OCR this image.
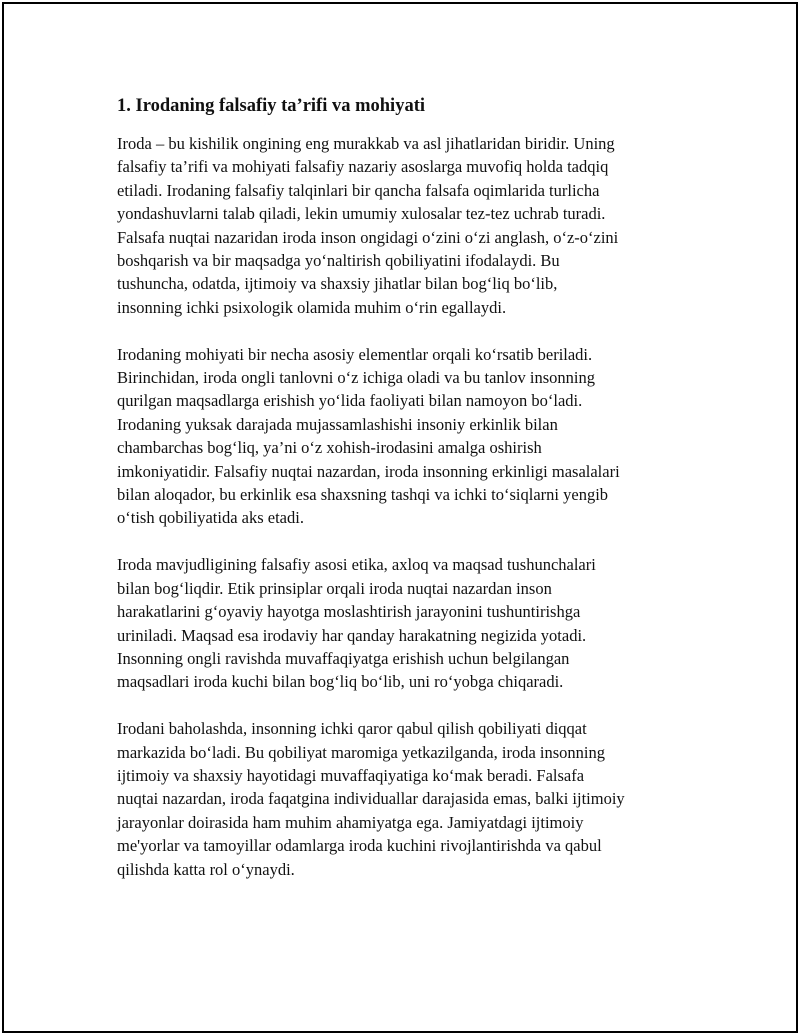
1. Irodaning falsafiy ta’rifi va mohiyati

Iroda – bu kishilik ongining eng murakkab va asl jihatlaridan biridir. Uning
falsafiy ta’rifi va mohiyati falsafiy nazariy asoslarga muvofiq holda tadqiq
etiladi. Irodaning falsafiy talqinlari bir qancha falsafa oqimlarida turlicha
yondashuvlarni talab qiladi, lekin umumiy xulosalar tez-tez uchrab turadi.
Falsafa nuqtai nazaridan iroda inson ongidagi o‘zini o‘zi anglash, o‘z-o‘zini
boshqarish va bir maqsadga yo‘naltirish qobiliyatini ifodalaydi. Bu
tushuncha, odatda, ijtimoiy va shaxsiy jihatlar bilan bog‘liq bo‘lib,
insonning ichki psixologik olamida muhim o‘rin egallaydi.

Irodaning mohiyati bir necha asosiy elementlar orqali ko‘rsatib beriladi.
Birinchidan, iroda ongli tanlovni o‘z ichiga oladi va bu tanlov insonning
qurilgan maqsadlarga erishish yo‘lida faoliyati bilan namoyon bo‘ladi.
Irodaning yuksak darajada mujassamlashishi insoniy erkinlik bilan
chambarchas bog‘liq, ya’ni o‘z xohish-irodasini amalga oshirish
imkoniyatidir. Falsafiy nuqtai nazardan, iroda insonning erkinligi masalalari
bilan aloqador, bu erkinlik esa shaxsning tashqi va ichki to‘siqlarni yengib
o‘tish qobiliyatida aks etadi.

Iroda mavjudligining falsafiy asosi etika, axloq va maqsad tushunchalari
bilan bog‘liqdir. Etik prinsiplar orqali iroda nuqtai nazardan inson
harakatlarini g‘oyaviy hayotga moslashtirish jarayonini tushuntirishga
uriniladi. Maqsad esa irodaviy har qanday harakatning negizida yotadi.
Insonning ongli ravishda muvaffaqiyatga erishish uchun belgilangan
maqsadlari iroda kuchi bilan bog‘liq bo‘lib, uni ro‘yobga chiqaradi.

Irodani baholashda, insonning ichki qaror qabul qilish qobiliyati diqqat
markazida bo‘ladi. Bu qobiliyat maromiga yetkazilganda, iroda insonning
ijtimoiy va shaxsiy hayotidagi muvaffaqiyatiga ko‘mak beradi. Falsafa
nuqtai nazardan, iroda faqatgina individuallar darajasida emas, balki ijtimoiy
jarayonlar doirasida ham muhim ahamiyatga ega. Jamiyatdagi ijtimoiy
me'yorlar va tamoyillar odamlarga iroda kuchini rivojlantirishda va qabul
qilishda katta rol o‘ynaydi.
